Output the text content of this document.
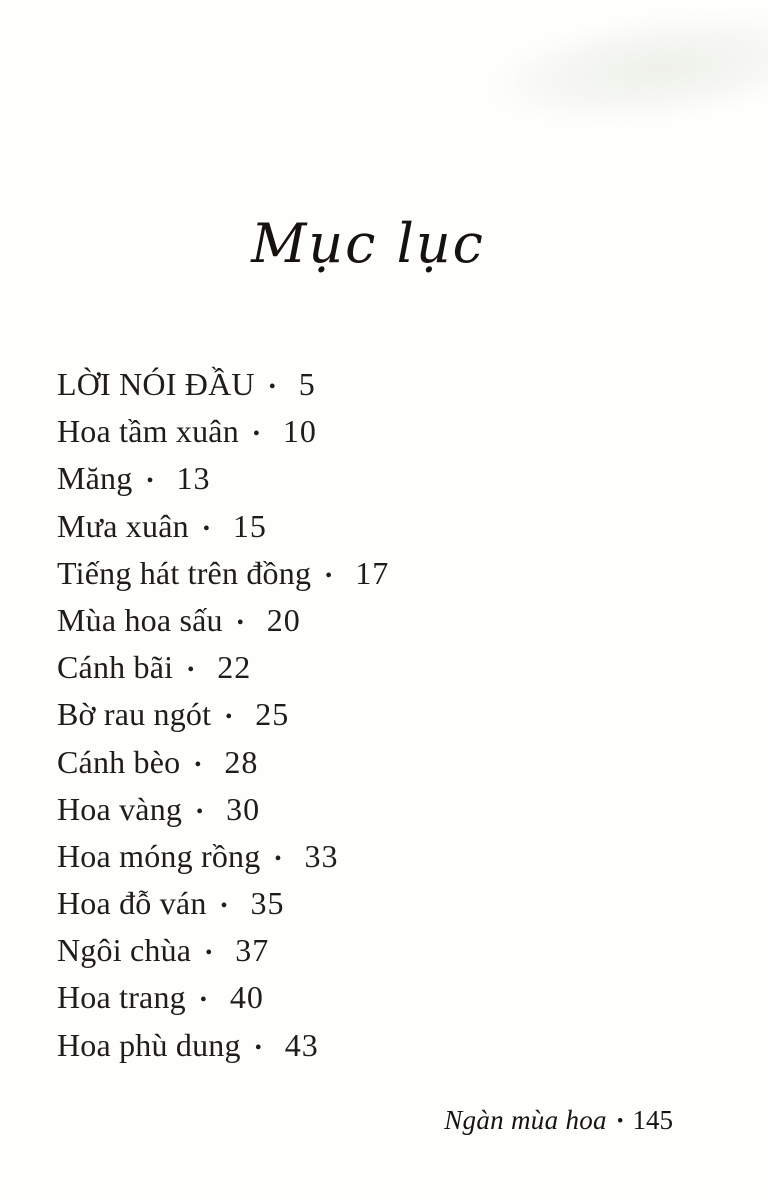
Mục lục
LỜI NÓI ĐẦU • 5
Hoa tầm xuân • 10
Măng • 13
Mưa xuân • 15
Tiếng hát trên đồng • 17
Mùa hoa sấu • 20
Cánh bãi • 22
Bờ rau ngót • 25
Cánh bèo • 28
Hoa vàng • 30
Hoa móng rồng • 33
Hoa đỗ ván • 35
Ngôi chùa • 37
Hoa trang • 40
Hoa phù dung • 43
Ngàn mùa hoa • 145
